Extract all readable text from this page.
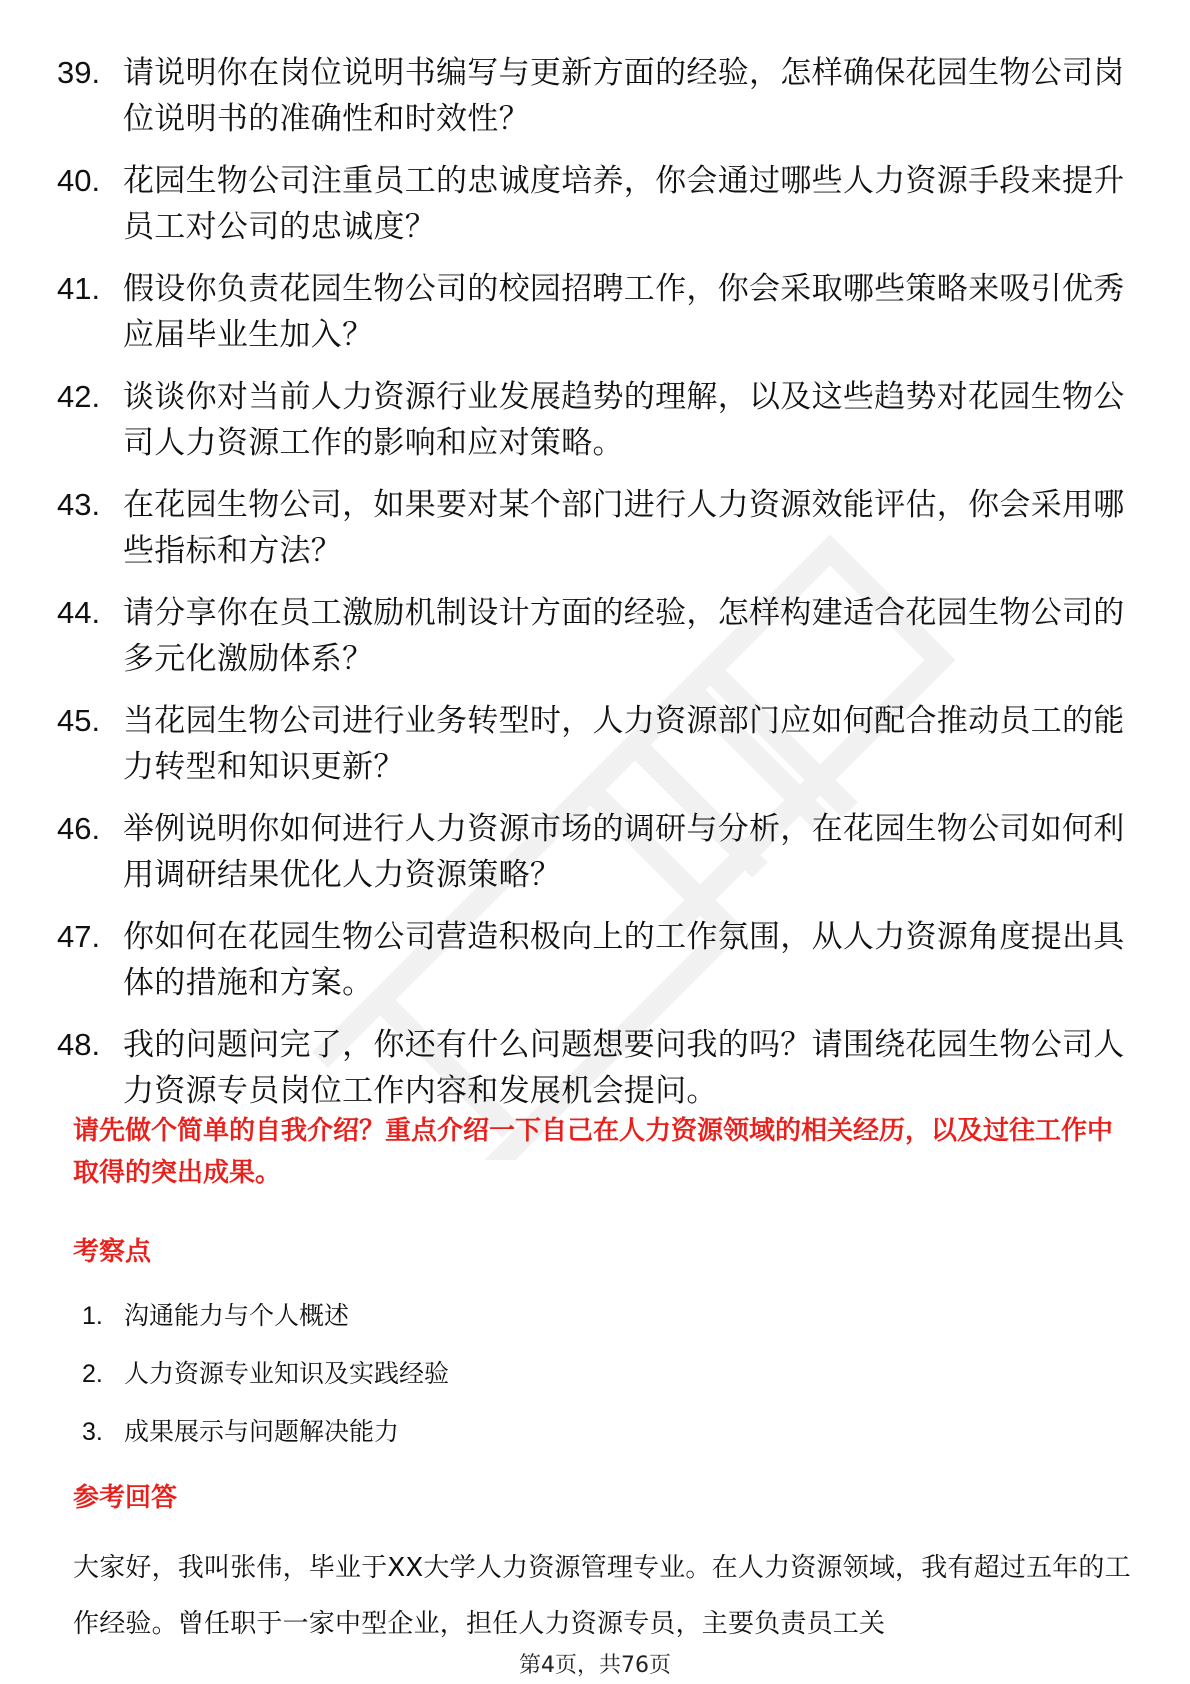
39. 请说明你在岗位说明书编写与更新方面的经验，怎样确保花园生物公司岗位说明书的准确性和时效性？
40. 花园生物公司注重员工的忠诚度培养，你会通过哪些人力资源手段来提升员工对公司的忠诚度？
41. 假设你负责花园生物公司的校园招聘工作，你会采取哪些策略来吸引优秀应届毕业生加入？
42. 谈谈你对当前人力资源行业发展趋势的理解，以及这些趋势对花园生物公司人力资源工作的影响和应对策略。
43. 在花园生物公司，如果要对某个部门进行人力资源效能评估，你会采用哪些指标和方法？
44. 请分享你在员工激励机制设计方面的经验，怎样构建适合花园生物公司的多元化激励体系？
45. 当花园生物公司进行业务转型时，人力资源部门应如何配合推动员工的能力转型和知识更新？
46. 举例说明你如何进行人力资源市场的调研与分析，在花园生物公司如何利用调研结果优化人力资源策略？
47. 你如何在花园生物公司营造积极向上的工作氛围，从人力资源角度提出具体的措施和方案。
48. 我的问题问完了，你还有什么问题想要问我的吗？请围绕花园生物公司人力资源专员岗位工作内容和发展机会提问。
请先做个简单的自我介绍？重点介绍一下自己在人力资源领域的相关经历，以及过往工作中取得的突出成果。
考察点
1. 沟通能力与个人概述
2. 人力资源专业知识及实践经验
3. 成果展示与问题解决能力
参考回答
大家好，我叫张伟，毕业于XX大学人力资源管理专业。在人力资源领域，我有超过五年的工作经验。曾任职于一家中型企业，担任人力资源专员，主要负责员工关
第4页，共76页
